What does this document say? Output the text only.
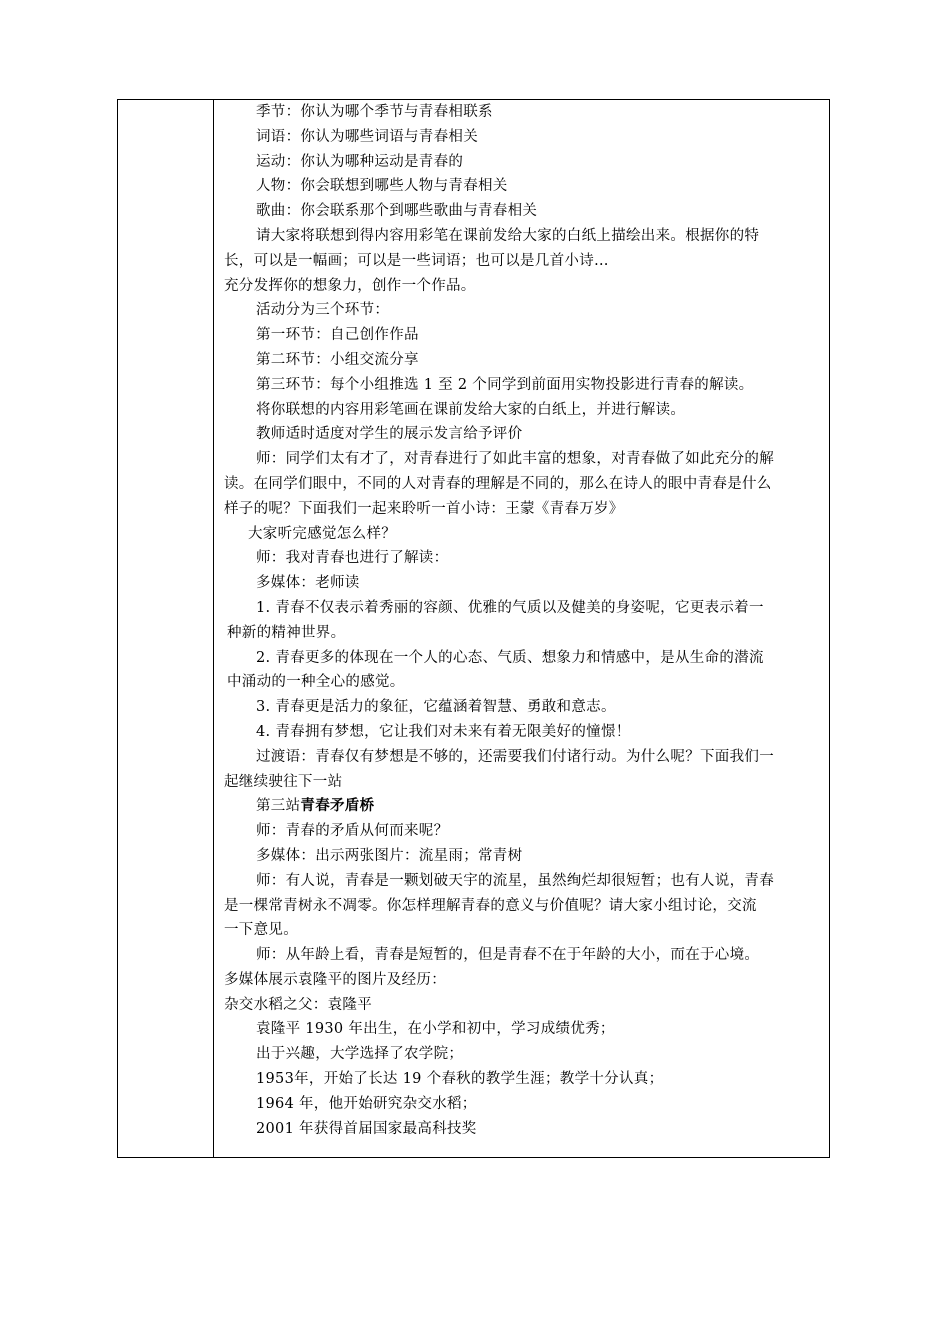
季节：你认为哪个季节与青春相联系
词语：你认为哪些词语与青春相关
运动：你认为哪种运动是青春的
人物：你会联想到哪些人物与青春相关
歌曲：你会联系那个到哪些歌曲与青春相关
请大家将联想到得内容用彩笔在课前发给大家的白纸上描绘出来。根据你的特
长，可以是一幅画；可以是一些词语；也可以是几首小诗…
充分发挥你的想象力，创作一个作品。
活动分为三个环节：
第一环节：自己创作作品
第二环节：小组交流分享
第三环节：每个小组推选 1 至 2 个同学到前面用实物投影进行青春的解读。
将你联想的内容用彩笔画在课前发给大家的白纸上，并进行解读。
教师适时适度对学生的展示发言给予评价
师：同学们太有才了，对青春进行了如此丰富的想象，对青春做了如此充分的解
读。在同学们眼中，不同的人对青春的理解是不同的，那么在诗人的眼中青春是什么
样子的呢？下面我们一起来聆听一首小诗：王蒙《青春万岁》
大家听完感觉怎么样？
师：我对青春也进行了解读：
多媒体：老师读
1. 青春不仅表示着秀丽的容颜、优雅的气质以及健美的身姿呢，它更表示着一
种新的精神世界。
2. 青春更多的体现在一个人的心态、气质、想象力和情感中，是从生命的潜流
中涌动的一种全心的感觉。
3. 青春更是活力的象征，它蕴涵着智慧、勇敢和意志。
4. 青春拥有梦想，它让我们对未来有着无限美好的憧憬！
过渡语：青春仅有梦想是不够的，还需要我们付诸行动。为什么呢？下面我们一
起继续驶往下一站
第三站青春矛盾桥
师：青春的矛盾从何而来呢？
多媒体：出示两张图片：流星雨；常青树
师：有人说，青春是一颗划破天宇的流星，虽然绚烂却很短暂；也有人说，青春
是一棵常青树永不凋零。你怎样理解青春的意义与价值呢？请大家小组讨论，交流
一下意见。
师：从年龄上看，青春是短暂的，但是青春不在于年龄的大小，而在于心境。
多媒体展示袁隆平的图片及经历：
杂交水稻之父：袁隆平
袁隆平 1930 年出生，在小学和初中，学习成绩优秀；
出于兴趣，大学选择了农学院；
1953年，开始了长达 19 个春秋的教学生涯；教学十分认真；
1964 年，他开始研究杂交水稻；
2001 年获得首届国家最高科技奖
